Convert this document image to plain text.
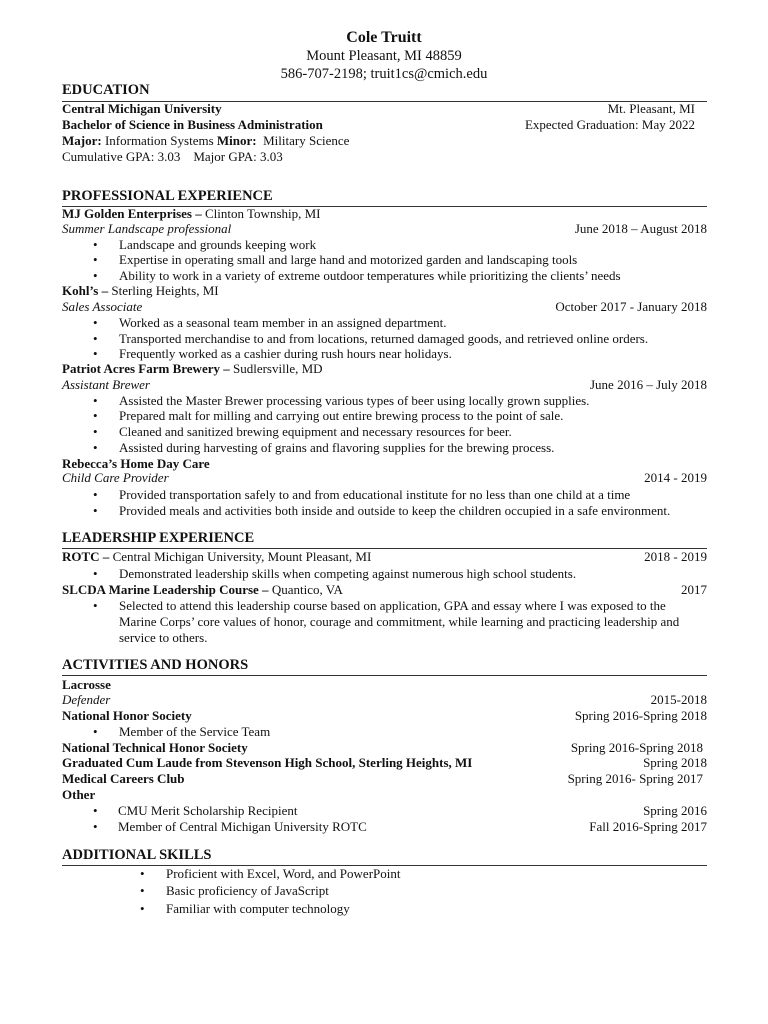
Cole Truitt
Mount Pleasant, MI 48859
586-707-2198; truit1cs@cmich.edu
EDUCATION
Central Michigan University	Mt. Pleasant, MI
Bachelor of Science in Business Administration	Expected Graduation: May 2022
Major: Information Systems Minor:  Military Science
Cumulative GPA: 3.03    Major GPA: 3.03
PROFESSIONAL EXPERIENCE
MJ Golden Enterprises – Clinton Township, MI
Summer Landscape professional	June 2018 – August 2018
• Landscape and grounds keeping work
• Expertise in operating small and large hand and motorized garden and landscaping tools
• Ability to work in a variety of extreme outdoor temperatures while prioritizing the clients’ needs
Kohl’s – Sterling Heights, MI
Sales Associate	October 2017 - January 2018
• Worked as a seasonal team member in an assigned department.
• Transported merchandise to and from locations, returned damaged goods, and retrieved online orders.
• Frequently worked as a cashier during rush hours near holidays.
Patriot Acres Farm Brewery – Sudlersville, MD
Assistant Brewer	June 2016 – July 2018
• Assisted the Master Brewer processing various types of beer using locally grown supplies.
• Prepared malt for milling and carrying out entire brewing process to the point of sale.
• Cleaned and sanitized brewing equipment and necessary resources for beer.
• Assisted during harvesting of grains and flavoring supplies for the brewing process.
Rebecca’s Home Day Care
Child Care Provider	2014 - 2019
• Provided transportation safely to and from educational institute for no less than one child at a time
• Provided meals and activities both inside and outside to keep the children occupied in a safe environment.
LEADERSHIP EXPERIENCE
ROTC – Central Michigan University, Mount Pleasant, MI	2018 - 2019
• Demonstrated leadership skills when competing against numerous high school students.
SLCDA Marine Leadership Course – Quantico, VA	2017
• Selected to attend this leadership course based on application, GPA and essay where I was exposed to the Marine Corps’ core values of honor, courage and commitment, while learning and practicing leadership and service to others.
ACTIVITIES AND HONORS
Lacrosse
Defender	2015-2018
National Honor Society	Spring 2016-Spring 2018
• Member of the Service Team
National Technical Honor Society	Spring 2016-Spring 2018
Graduated Cum Laude from Stevenson High School, Sterling Heights, MI	Spring 2018
Medical Careers Club	Spring 2016- Spring 2017
Other
• CMU Merit Scholarship Recipient	Spring 2016
• Member of Central Michigan University ROTC	Fall 2016-Spring 2017
ADDITIONAL SKILLS
• Proficient with Excel, Word, and PowerPoint
• Basic proficiency of JavaScript
• Familiar with computer technology
